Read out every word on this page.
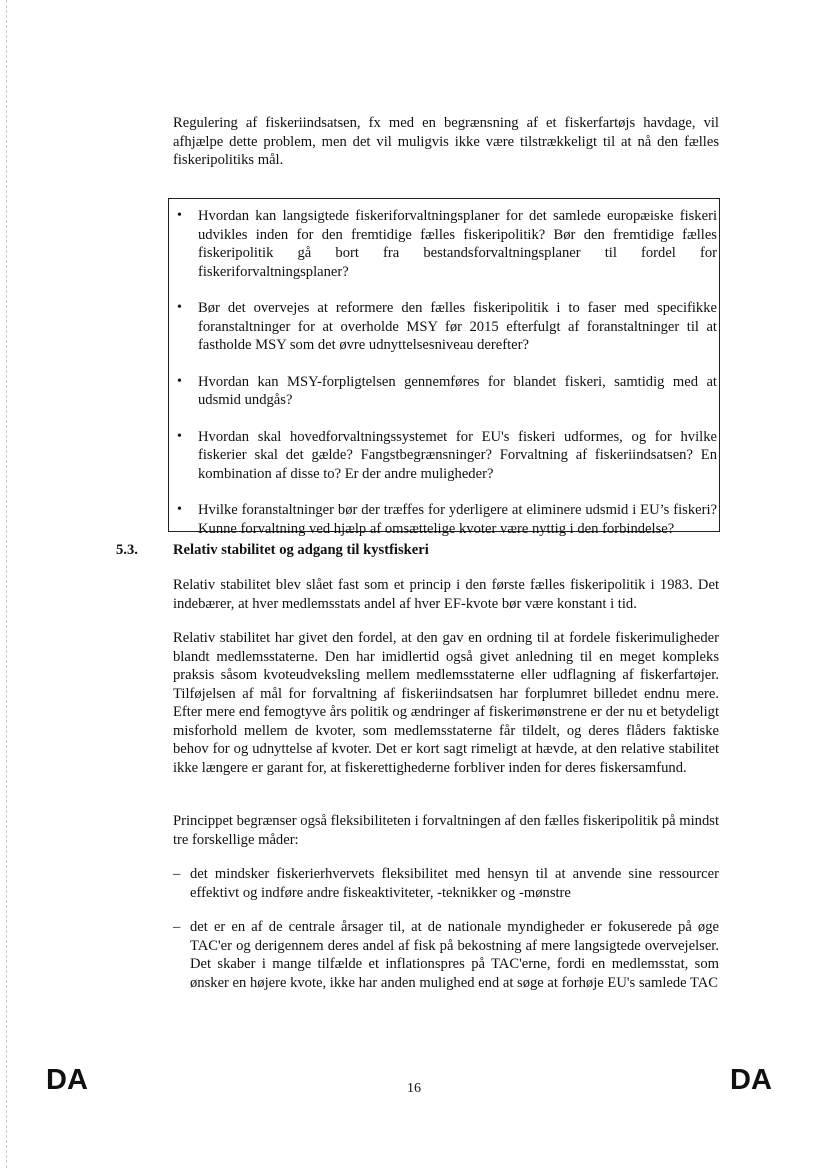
Regulering af fiskeriindsatsen, fx med en begrænsning af et fiskerfartøjs havdage, vil afhjælpe dette problem, men det vil muligvis ikke være tilstrækkeligt til at nå den fælles fiskeripolitiks mål.

• Hvordan kan langsigtede fiskeriforvaltningsplaner for det samlede europæiske fiskeri udvikles inden for den fremtidige fælles fiskeripolitik? Bør den fremtidige fælles fiskeripolitik gå bort fra bestandsforvaltningsplaner til fordel for fiskeriforvaltningsplaner?
• Bør det overvejes at reformere den fælles fiskeripolitik i to faser med specifikke foranstaltninger for at overholde MSY før 2015 efterfulgt af foranstaltninger til at fastholde MSY som det øvre udnyttelsesniveau derefter?
• Hvordan kan MSY-forpligtelsen gennemføres for blandet fiskeri, samtidig med at udsmid undgås?
• Hvordan skal hovedforvaltningssystemet for EU's fiskeri udformes, og for hvilke fiskerier skal det gælde? Fangstbegrænsninger? Forvaltning af fiskeriindsatsen? En kombination af disse to? Er der andre muligheder?
• Hvilke foranstaltninger bør der træffes for yderligere at eliminere udsmid i EU’s fiskeri? Kunne forvaltning ved hjælp af omsættelige kvoter være nyttig i den forbindelse?
5.3. Relativ stabilitet og adgang til kystfiskeri

Relativ stabilitet blev slået fast som et princip i den første fælles fiskeripolitik i 1983. Det indebærer, at hver medlemsstats andel af hver EF-kvote bør være konstant i tid.

Relativ stabilitet har givet den fordel, at den gav en ordning til at fordele fiskerimuligheder blandt medlemsstaterne. Den har imidlertid også givet anledning til en meget kompleks praksis såsom kvoteudveksling mellem medlemsstaterne eller udflagning af fiskerfartøjer. Tilføjelsen af mål for forvaltning af fiskeriindsatsen har forplumret billedet endnu mere. Efter mere end femogtyve års politik og ændringer af fiskerimønstrene er der nu et betydeligt misforhold mellem de kvoter, som medlemsstaterne får tildelt, og deres flåders faktiske behov for og udnyttelse af kvoter. Det er kort sagt rimeligt at hævde, at den relative stabilitet ikke længere er garant for, at fiskerettighederne forbliver inden for deres fiskersamfund.

Princippet begrænser også fleksibiliteten i forvaltningen af den fælles fiskeripolitik på mindst tre forskellige måder:

– det mindsker fiskerierhvervets fleksibilitet med hensyn til at anvende sine ressourcer effektivt og indføre andre fiskeaktiviteter, -teknikker og -mønstre
– det er en af de centrale årsager til, at de nationale myndigheder er fokuserede på øge TAC'er og derigennem deres andel af fisk på bekostning af mere langsigtede overvejelser. Det skaber i mange tilfælde et inflationspres på TAC'erne, fordi en medlemsstat, som ønsker en højere kvote, ikke har anden mulighed end at søge at forhøje EU's samlede TAC
DA	16	DA
